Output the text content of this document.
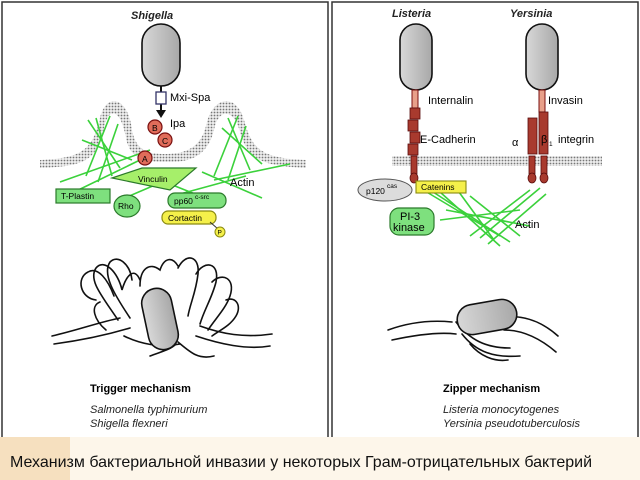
Shigella
Mxi-Spa
B
C
Ipa
A
Vinculin	Actin
T-Plastin
Rho	pp60 c-src
Cortactin
P
Trigger mechanism
Salmonella typhimurium
Shigella flexneri
Listeria	Yersinia
Internalin
E-Cadherin
Invasin
α β 1 integrin
p120 cas	Catenins
PI-3
kinase	Actin
Zipper mechanism
Listeria monocytogenes
Yersinia pseudotuberculosis

Механизм бактериальной инвазии у некоторых Грам-отрицательных бактерий
